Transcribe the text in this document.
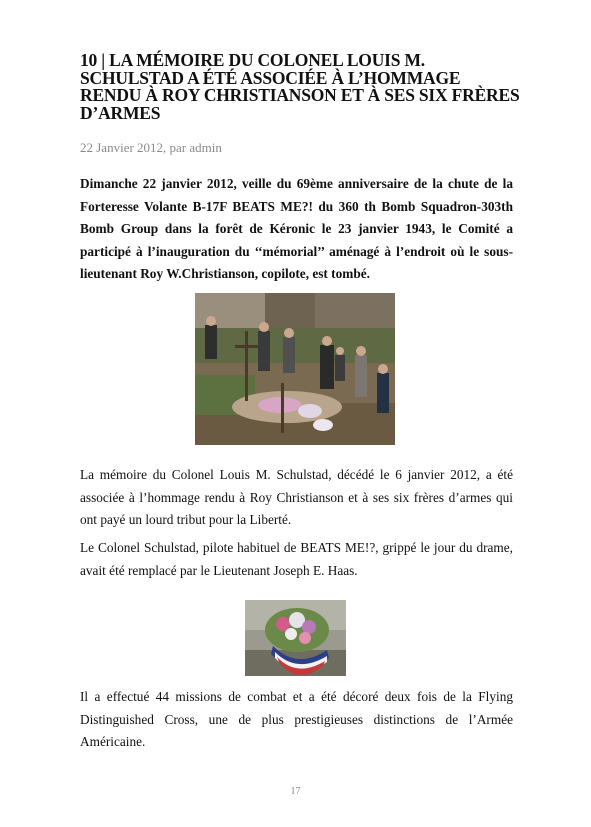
10 | LA MÉMOIRE DU COLONEL LOUIS M. SCHULSTAD A ÉTÉ ASSOCIÉE À L’HOMMAGE RENDU À ROY CHRISTIANSON ET À SES SIX FRÈRES D’ARMES

22 Janvier 2012, par admin

Dimanche 22 janvier 2012, veille du 69ème anniversaire de la chute de la Forteresse Volante B-17F BEATS ME?! du 360 th Bomb Squadron-303th Bomb Group dans la forêt de Kéronic le 23 janvier 1943, le Comité a participé à l’inauguration du ‘‘mémorial’’ aménagé à l’endroit où le sous-lieutenant Roy W.Christianson, copilote, est tombé.

La mémoire du Colonel Louis M. Schulstad, décédé le 6 janvier 2012, a été associée à l’hommage rendu à Roy Christianson et à ses six frères d’armes qui ont payé un lourd tribut pour la Liberté.

Le Colonel Schulstad, pilote habituel de BEATS ME!?, grippé le jour du drame, avait été remplacé par le Lieutenant Joseph E. Haas.

Il a effectué 44 missions de combat et a été décoré deux fois de la Flying Distinguished Cross, une de plus prestigieuses distinctions de l’Armée Américaine.

17
